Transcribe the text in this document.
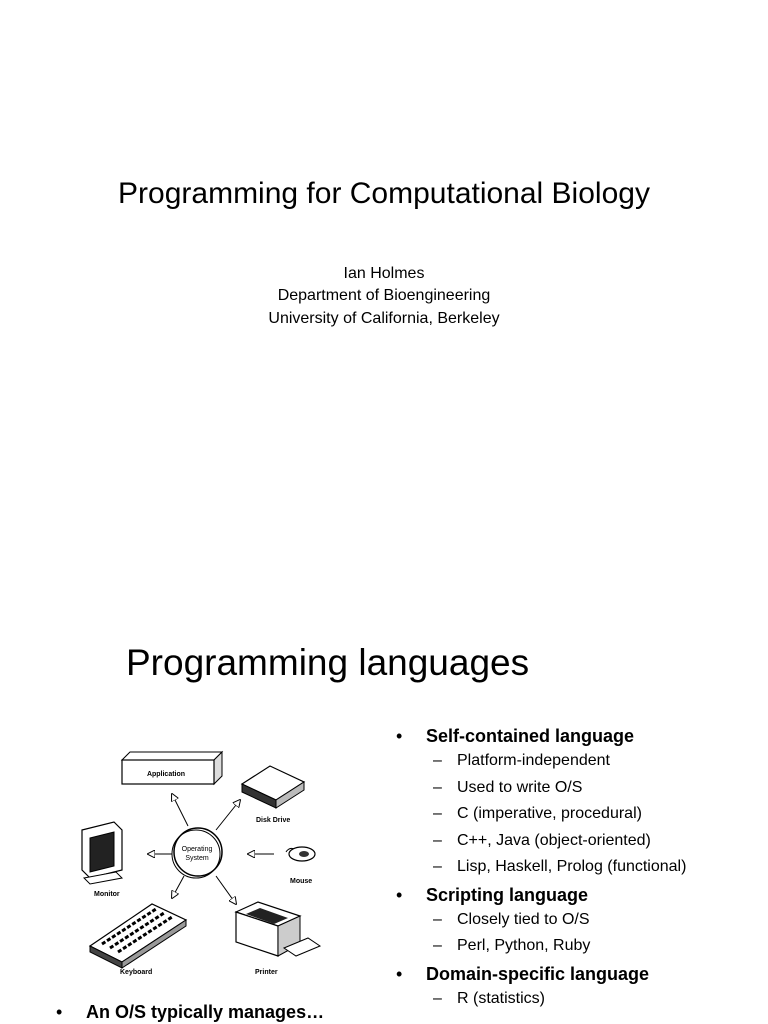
Programming for Computational Biology
Ian Holmes
Department of Bioengineering
University of California, Berkeley
Programming languages
Operating
System
Application
Disk Drive
Monitor
Mouse
Keyboard	Printer
• An O/S typically manages…
• Self-contained language
– Platform-independent
– Used to write O/S
– C (imperative, procedural)
– C++, Java (object-oriented)
– Lisp, Haskell, Prolog (functional)
• Scripting language
– Closely tied to O/S
– Perl, Python, Ruby
• Domain-specific language
– R (statistics)
